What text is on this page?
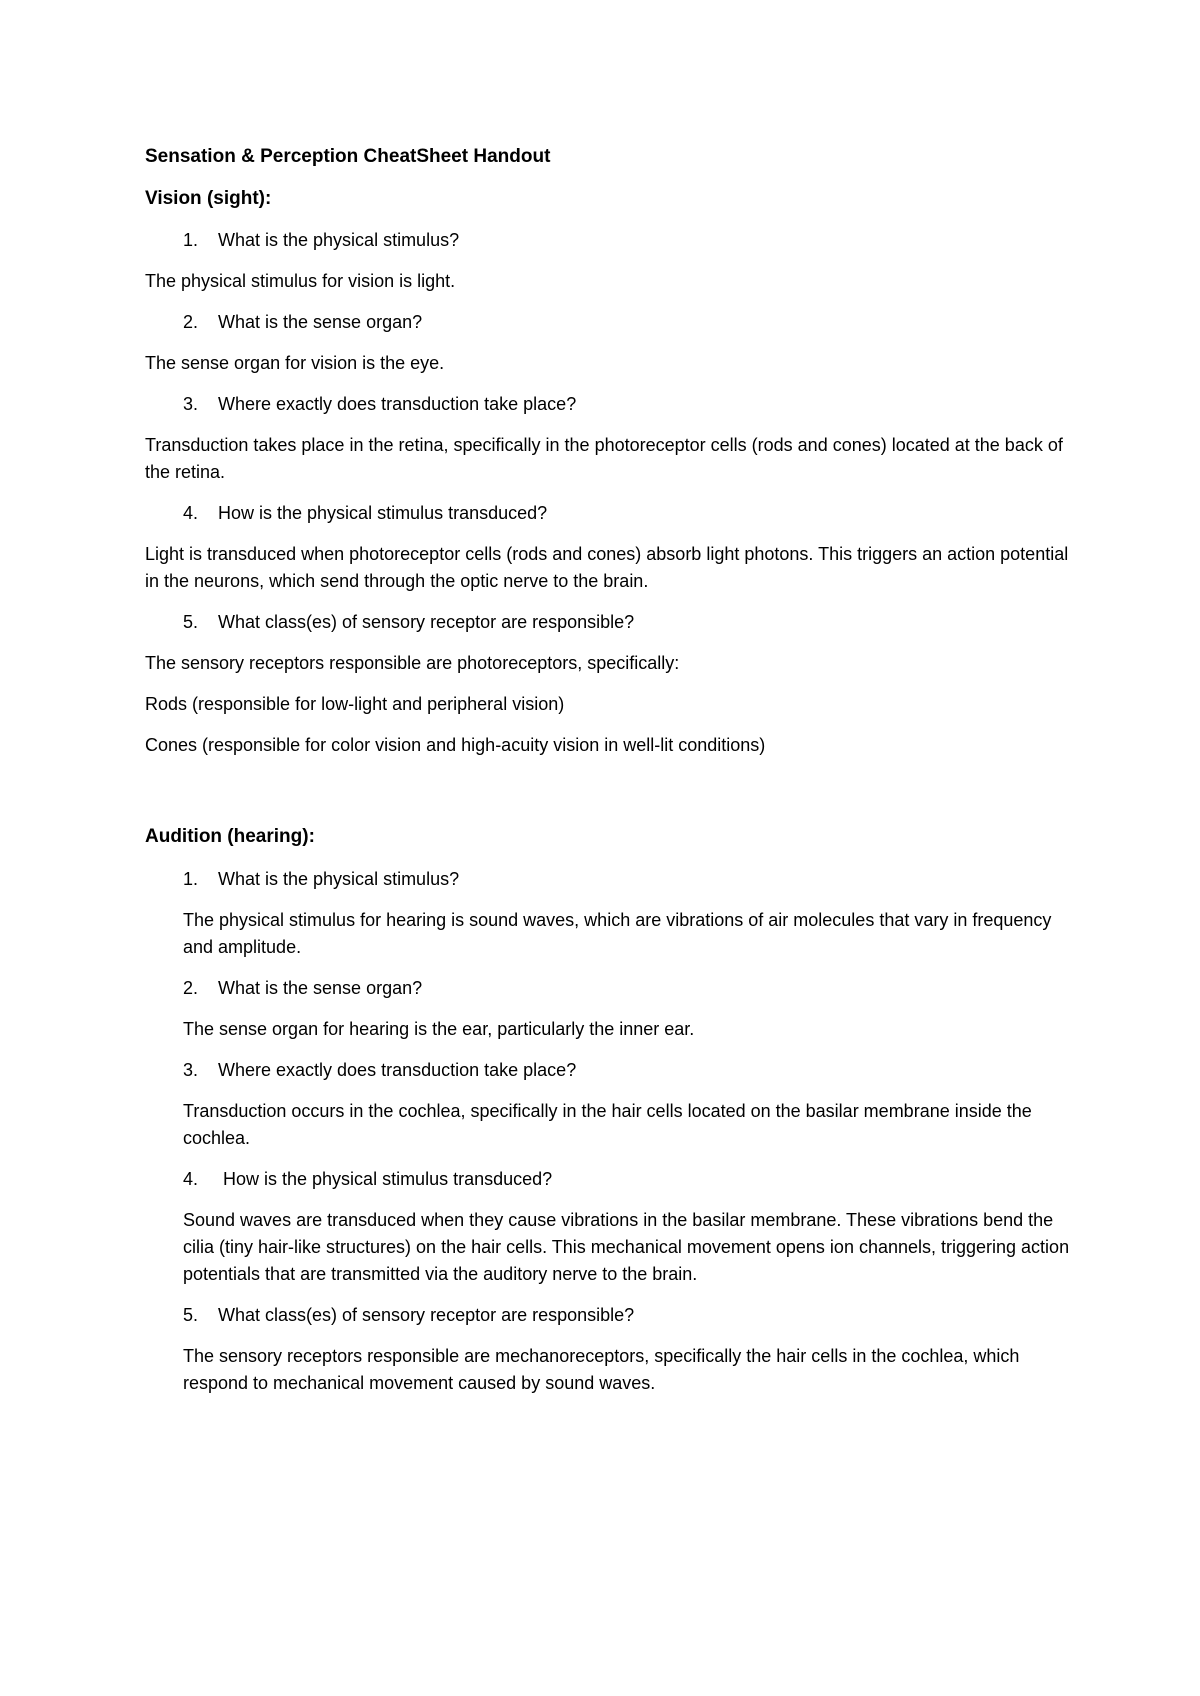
Sensation & Perception CheatSheet Handout
Vision (sight):
1.	What is the physical stimulus?
The physical stimulus for vision is light.
2.	What is the sense organ?
The sense organ for vision is the eye.
3.	Where exactly does transduction take place?
Transduction takes place in the retina, specifically in the photoreceptor cells (rods and cones) located at the back of the retina.
4.	How is the physical stimulus transduced?
Light is transduced when photoreceptor cells (rods and cones) absorb light photons. This triggers an action potential in the neurons, which send through the optic nerve to the brain.
5.	What class(es) of sensory receptor are responsible?
The sensory receptors responsible are photoreceptors, specifically:
Rods (responsible for low-light and peripheral vision)
Cones (responsible for color vision and high-acuity vision in well-lit conditions)
Audition (hearing):
1.	What is the physical stimulus?
The physical stimulus for hearing is sound waves, which are vibrations of air molecules that vary in frequency and amplitude.
2.	What is the sense organ?
The sense organ for hearing is the ear, particularly the inner ear.
3.	Where exactly does transduction take place?
Transduction occurs in the cochlea, specifically in the hair cells located on the basilar membrane inside the cochlea.
4.	How is the physical stimulus transduced?
Sound waves are transduced when they cause vibrations in the basilar membrane. These vibrations bend the cilia (tiny hair-like structures) on the hair cells. This mechanical movement opens ion channels, triggering action potentials that are transmitted via the auditory nerve to the brain.
5.	What class(es) of sensory receptor are responsible?
The sensory receptors responsible are mechanoreceptors, specifically the hair cells in the cochlea, which respond to mechanical movement caused by sound waves.
